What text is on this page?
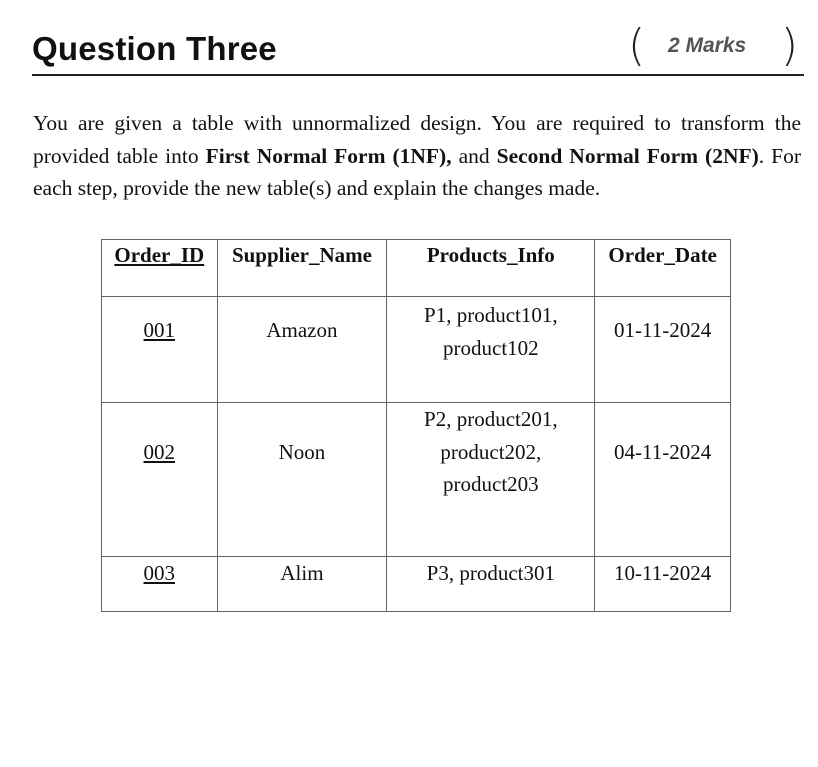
Question Three	( 2 Marks )

You are given a table with unnormalized design. You are required to transform the provided table into First Normal Form (1NF), and Second Normal Form (2NF). For each step, provide the new table(s) and explain the changes made.

Order_ID	Supplier_Name	Products_Info	Order_Date

001	Amazon	P1, product101,
product102	01-11-2024

002	Noon	P2, product201,
product202,
product203	04-11-2024

003	Alim	P3, product301	10-11-2024
